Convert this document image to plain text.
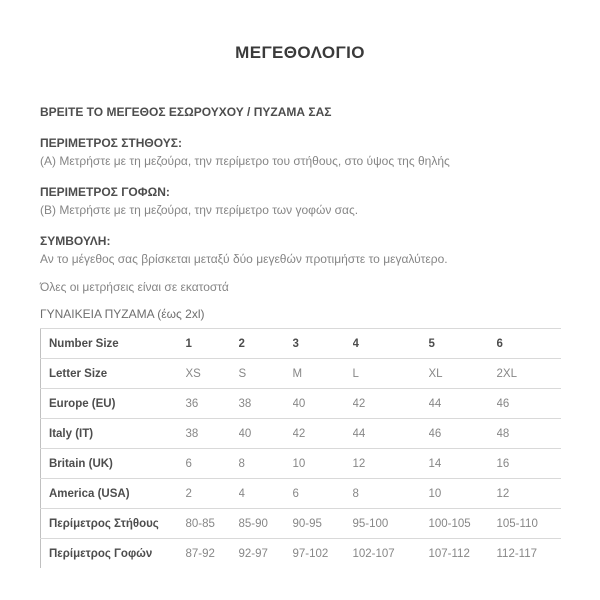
ΜΕΓΕΘΟΛΟΓΙΟ
ΒΡΕΙΤΕ ΤΟ ΜΕΓΕΘΟΣ ΕΣΩΡΟΥΧΟΥ / ΠΥΖΑΜΑ ΣΑΣ
ΠΕΡΙΜΕΤΡΟΣ ΣΤΗΘΟΥΣ:
(Α) Μετρήστε με τη μεζούρα, την περίμετρο του στήθους, στο ύψος της θηλής
ΠΕΡΙΜΕΤΡΟΣ ΓΟΦΩΝ:
(Β) Μετρήστε με τη μεζούρα, την περίμετρο των γοφών σας.
ΣΥΜΒΟΥΛΗ:
Αν το μέγεθος σας βρίσκεται μεταξύ δύο μεγεθών προτιμήστε το μεγαλύτερο.
Όλες οι μετρήσεις είναι σε εκατοστά
ΓΥΝΑΙΚΕΙΑ ΠΥΖΑΜΑ (έως 2xl)
Number Size	1	2	3	4	5	6
Letter Size	XS	S	M	L	XL	2XL
Europe (EU)	36	38	40	42	44	46
Italy (IT)	38	40	42	44	46	48
Britain (UK)	6	8	10	12	14	16
America (USA)	2	4	6	8	10	12
Περίμετρος Στήθους	80-85	85-90	90-95	95-100	100-105	105-110
Περίμετρος Γοφών	87-92	92-97	97-102	102-107	107-112	112-117
